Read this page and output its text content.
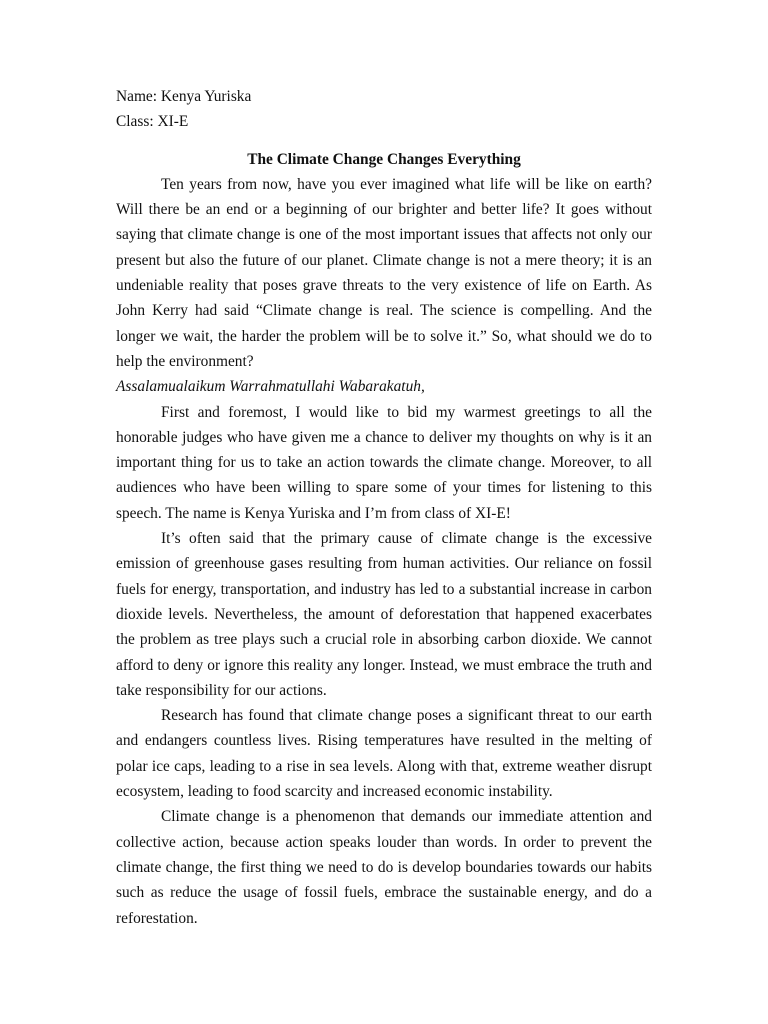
Name: Kenya Yuriska

Class: XI-E

The Climate Change Changes Everything

Ten years from now, have you ever imagined what life will be like on earth? Will there be an end or a beginning of our brighter and better life? It goes without saying that climate change is one of the most important issues that affects not only our present but also the future of our planet. Climate change is not a mere theory; it is an undeniable reality that poses grave threats to the very existence of life on Earth. As John Kerry had said “Climate change is real. The science is compelling. And the longer we wait, the harder the problem will be to solve it.” So, what should we do to help the environment?

Assalamualaikum Warrahmatullahi Wabarakatuh,

First and foremost, I would like to bid my warmest greetings to all the honorable judges who have given me a chance to deliver my thoughts on why is it an important thing for us to take an action towards the climate change. Moreover, to all audiences who have been willing to spare some of your times for listening to this speech. The name is Kenya Yuriska and I’m from class of XI-E!

It’s often said that the primary cause of climate change is the excessive emission of greenhouse gases resulting from human activities. Our reliance on fossil fuels for energy, transportation, and industry has led to a substantial increase in carbon dioxide levels. Nevertheless, the amount of deforestation that happened exacerbates the problem as tree plays such a crucial role in absorbing carbon dioxide. We cannot afford to deny or ignore this reality any longer. Instead, we must embrace the truth and take responsibility for our actions.

Research has found that climate change poses a significant threat to our earth and endangers countless lives. Rising temperatures have resulted in the melting of polar ice caps, leading to a rise in sea levels. Along with that, extreme weather disrupt ecosystem, leading to food scarcity and increased economic instability.

Climate change is a phenomenon that demands our immediate attention and collective action, because action speaks louder than words. In order to prevent the climate change, the first thing we need to do is develop boundaries towards our habits such as reduce the usage of fossil fuels, embrace the sustainable energy, and do a reforestation.
